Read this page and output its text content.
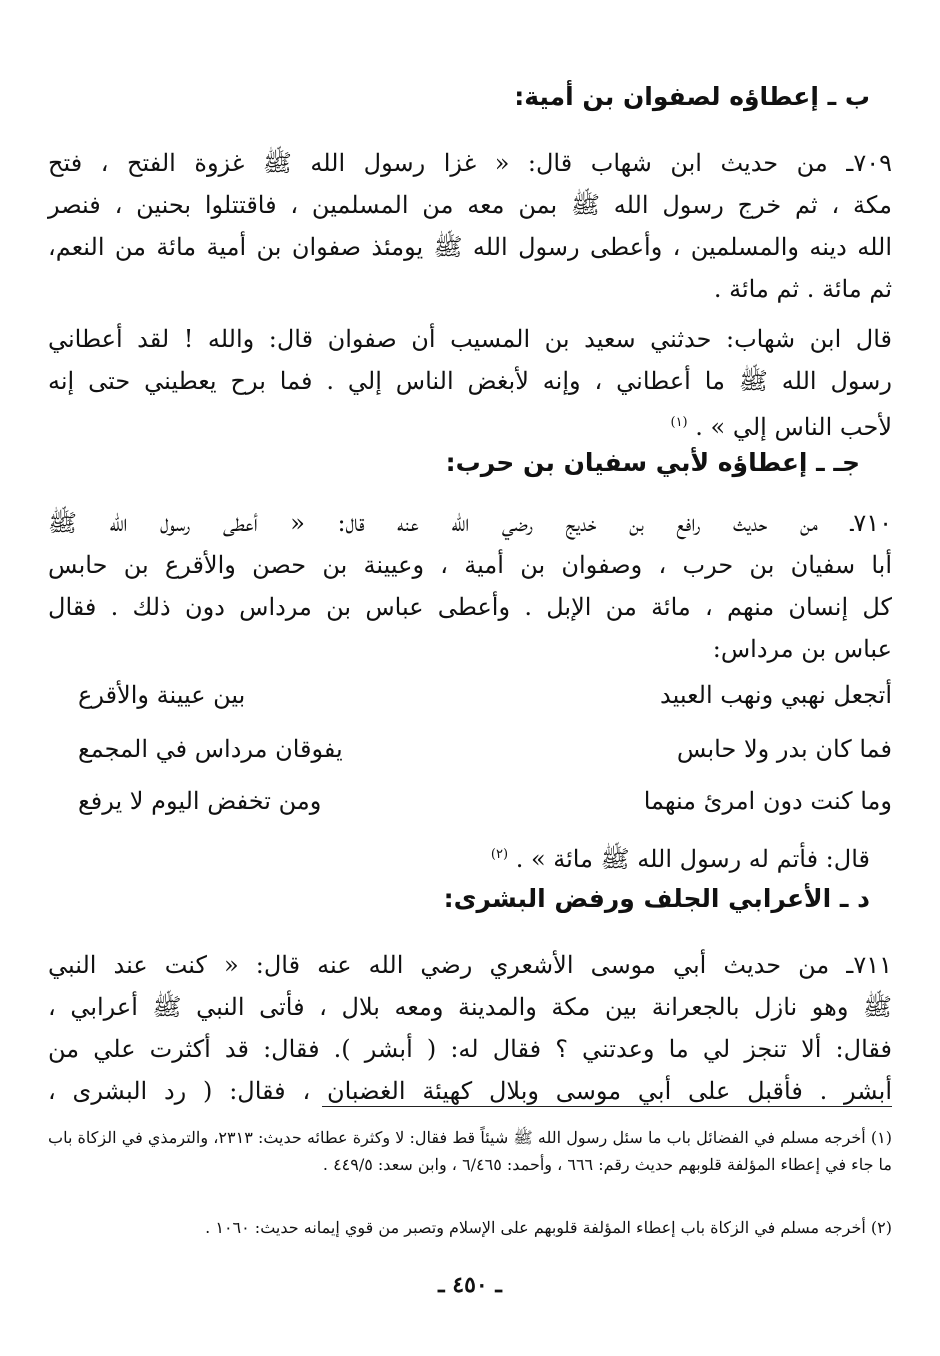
ب ـ إعطاؤه لصفوان بن أمية:
٧٠٩ـ من حديث ابن شهاب قال: « غزا رسول الله ﷺ غزوة الفتح ، فتح
مكة ، ثم خرج رسول الله ﷺ بمن معه من المسلمين ، فاقتتلوا بحنين ، فنصر
الله دينه والمسلمين ، وأعطى رسول الله ﷺ يومئذ صفوان بن أمية مائة من النعم،
ثم مائة . ثم مائة .
قال ابن شهاب: حدثني سعيد بن المسيب أن صفوان قال: والله ! لقد أعطاني
رسول الله ﷺ ما أعطاني ، وإنه لأبغض الناس إلي . فما برح يعطيني حتى إنه
لأحب الناس إلي » . $^{(١)}$
جـ ـ إعطاؤه لأبي سفيان بن حرب:
٧١٠ـ من حديث رافع بن خديج رضي الله عنه قال: « أعطى رسول الله ﷺ
أبا سفيان بن حرب ، وصفوان بن أمية ، وعيينة بن حصن والأقرع بن حابس
كل إنسان منهم ، مائة من الإبل . وأعطى عباس بن مرداس دون ذلك . فقال
عباس بن مرداس:
أتجعل نهبي ونهب العبيد
بين عيينة والأقرع
فما كان بدر ولا حابس
يفوقان مرداس في المجمع
وما كنت دون امرئ منهما
ومن تخفض اليوم لا يرفع
قال: فأتم له رسول الله ﷺ مائة » . $^{(٢)}$
د ـ الأعرابي الجلف ورفض البشرى:
٧١١ـ من حديث أبي موسى الأشعري رضي الله عنه قال: « كنت عند النبي
ﷺ وهو نازل بالجعرانة بين مكة والمدينة ومعه بلال ، فأتى النبي ﷺ أعرابي ،
فقال: ألا تنجز لي ما وعدتني ؟ فقال له: ( أبشر ). فقال: قد أكثرت علي من
أبشر . فأقبل على أبي موسى وبلال كهيئة الغضبان ، فقال: ( رد البشرى ،
(١) أخرجه مسلم في الفضائل باب ما سئل رسول الله ﷺ شيئاً قط فقال: لا وكثرة عطائه حديث: ٢٣١٣، والترمذي في الزكاة باب ما جاء في إعطاء المؤلفة قلوبهم حديث رقم: ٦٦٦ ، وأحمد: ٦/٤٦٥ ، وابن سعد: ٤٤٩/٥ .
(٢) أخرجه مسلم في الزكاة باب إعطاء المؤلفة قلوبهم على الإسلام وتصبر من قوي إيمانه حديث: ١٠٦٠ .
ـ ٤٥٠ ـ
